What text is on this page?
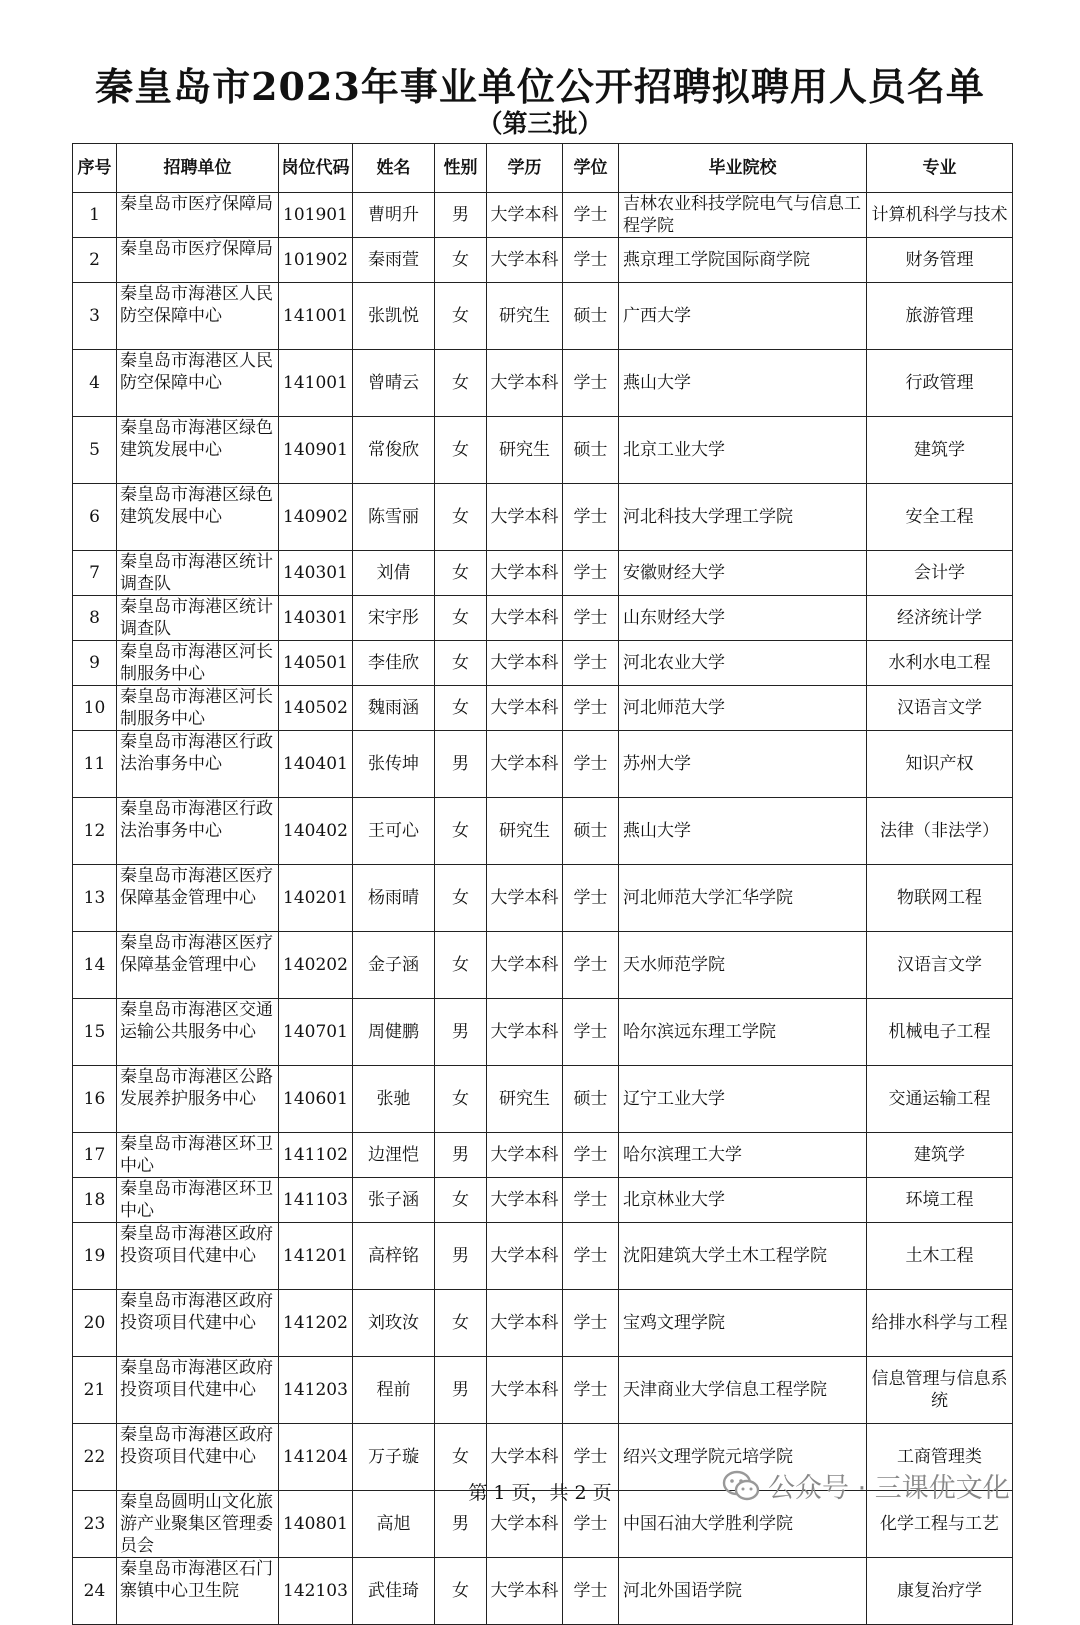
秦皇岛市2023年事业单位公开招聘拟聘用人员名单
（第三批）
序号	招聘单位	岗位代码	姓名	性别	学历	学位	毕业院校	专业
1	秦皇岛市医疗保障局	101901	曹明升	男	大学本科	学士	吉林农业科技学院电气与信息工程学院	计算机科学与技术
2	秦皇岛市医疗保障局	101902	秦雨萱	女	大学本科	学士	燕京理工学院国际商学院	财务管理
3	秦皇岛市海港区人民防空保障中心	141001	张凯悦	女	研究生	硕士	广西大学	旅游管理
4	秦皇岛市海港区人民防空保障中心	141001	曾晴云	女	大学本科	学士	燕山大学	行政管理
5	秦皇岛市海港区绿色建筑发展中心	140901	常俊欣	女	研究生	硕士	北京工业大学	建筑学
6	秦皇岛市海港区绿色建筑发展中心	140902	陈雪丽	女	大学本科	学士	河北科技大学理工学院	安全工程
7	秦皇岛市海港区统计调查队	140301	刘倩	女	大学本科	学士	安徽财经大学	会计学
8	秦皇岛市海港区统计调查队	140301	宋宇彤	女	大学本科	学士	山东财经大学	经济统计学
9	秦皇岛市海港区河长制服务中心	140501	李佳欣	女	大学本科	学士	河北农业大学	水利水电工程
10	秦皇岛市海港区河长制服务中心	140502	魏雨涵	女	大学本科	学士	河北师范大学	汉语言文学
11	秦皇岛市海港区行政法治事务中心	140401	张传坤	男	大学本科	学士	苏州大学	知识产权
12	秦皇岛市海港区行政法治事务中心	140402	王可心	女	研究生	硕士	燕山大学	法律（非法学）
13	秦皇岛市海港区医疗保障基金管理中心	140201	杨雨晴	女	大学本科	学士	河北师范大学汇华学院	物联网工程
14	秦皇岛市海港区医疗保障基金管理中心	140202	金子涵	女	大学本科	学士	天水师范学院	汉语言文学
15	秦皇岛市海港区交通运输公共服务中心	140701	周健鹏	男	大学本科	学士	哈尔滨远东理工学院	机械电子工程
16	秦皇岛市海港区公路发展养护服务中心	140601	张驰	女	研究生	硕士	辽宁工业大学	交通运输工程
17	秦皇岛市海港区环卫中心	141102	边浬恺	男	大学本科	学士	哈尔滨理工大学	建筑学
18	秦皇岛市海港区环卫中心	141103	张子涵	女	大学本科	学士	北京林业大学	环境工程
19	秦皇岛市海港区政府投资项目代建中心	141201	高梓铭	男	大学本科	学士	沈阳建筑大学土木工程学院	土木工程
20	秦皇岛市海港区政府投资项目代建中心	141202	刘玫汝	女	大学本科	学士	宝鸡文理学院	给排水科学与工程
21	秦皇岛市海港区政府投资项目代建中心	141203	程前	男	大学本科	学士	天津商业大学信息工程学院	信息管理与信息系统
22	秦皇岛市海港区政府投资项目代建中心	141204	万子璇	女	大学本科	学士	绍兴文理学院元培学院	工商管理类
23	秦皇岛圆明山文化旅游产业聚集区管理委员会	140801	高旭	男	大学本科	学士	中国石油大学胜利学院	化学工程与工艺
24	秦皇岛市海港区石门寨镇中心卫生院	142103	武佳琦	女	大学本科	学士	河北外国语学院	康复治疗学
第 1 页，共 2 页	公众号 · 三课优文化
